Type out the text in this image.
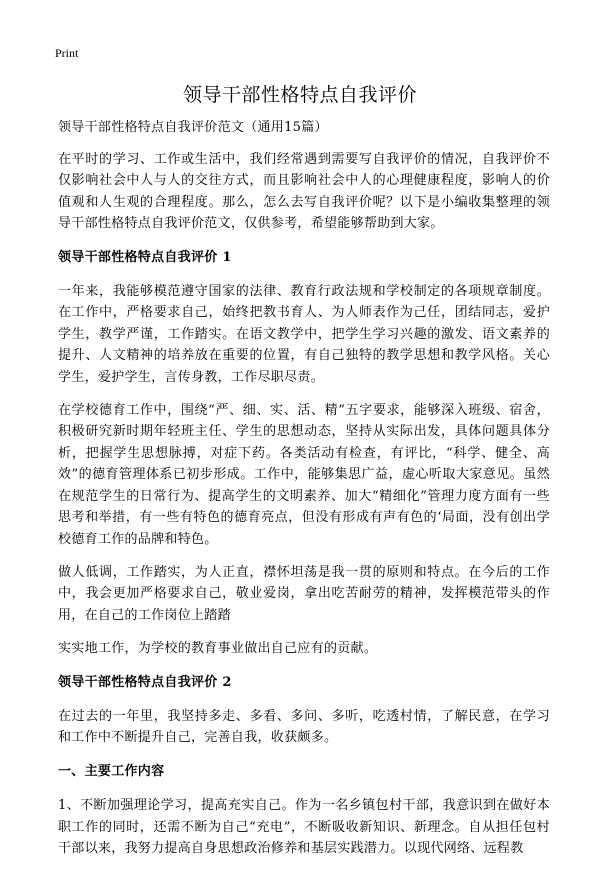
Print
领导干部性格特点自我评价

领导干部性格特点自我评价范文（通用15篇）

在平时的学习、工作或生活中，我们经常遇到需要写自我评价的情况，自我评价不仅影响社会中人与人的交往方式，而且影响社会中人的心理健康程度，影响人的价值观和人生观的合理程度。那么，怎么去写自我评价呢？以下是小编收集整理的领导干部性格特点自我评价范文，仅供参考，希望能够帮助到大家。

领导干部性格特点自我评价 1

一年来，我能够模范遵守国家的法律、教育行政法规和学校制定的各项规章制度。在工作中，严格要求自己，始终把教书育人、为人师表作为己任，团结同志，爱护学生，教学严谨，工作踏实。在语文教学中，把学生学习兴趣的激发、语文素养的提升、人文精神的培养放在重要的位置，有自己独特的教学思想和教学风格。关心学生，爱护学生，言传身教，工作尽职尽责。

在学校德育工作中，围绕“严、细、实、活、精”五字要求，能够深入班级、宿舍，积极研究新时期年轻班主任、学生的思想动态，坚持从实际出发，具体问题具体分析，把握学生思想脉搏，对症下药。各类活动有检查，有评比，“科学、健全、高效”的德育管理体系已初步形成。工作中，能够集思广益，虚心听取大家意见。虽然在规范学生的日常行为、提高学生的文明素养、加大“精细化”管理力度方面有一些思考和举措，有一些有特色的德育亮点，但没有形成有声有色的‘局面，没有创出学校德育工作的品牌和特色。

做人低调，工作踏实，为人正直，襟怀坦荡是我一贯的原则和特点。在今后的工作中，我会更加严格要求自己，敬业爱岗，拿出吃苦耐劳的精神，发挥模范带头的作用，在自己的工作岗位上踏踏

实实地工作，为学校的教育事业做出自己应有的贡献。

领导干部性格特点自我评价 2

在过去的一年里，我坚持多走、多看、多问、多听，吃透村情，了解民意，在学习和工作中不断提升自己，完善自我，收获颇多。

一、主要工作内容

1、不断加强理论学习，提高充实自己。作为一名乡镇包村干部，我意识到在做好本职工作的同时，还需不断为自己“充电”，不断吸收新知识、新理念。自从担任包村干部以来，我努力提高自身思想政治修养和基层实践潜力。以现代网络、远程教
